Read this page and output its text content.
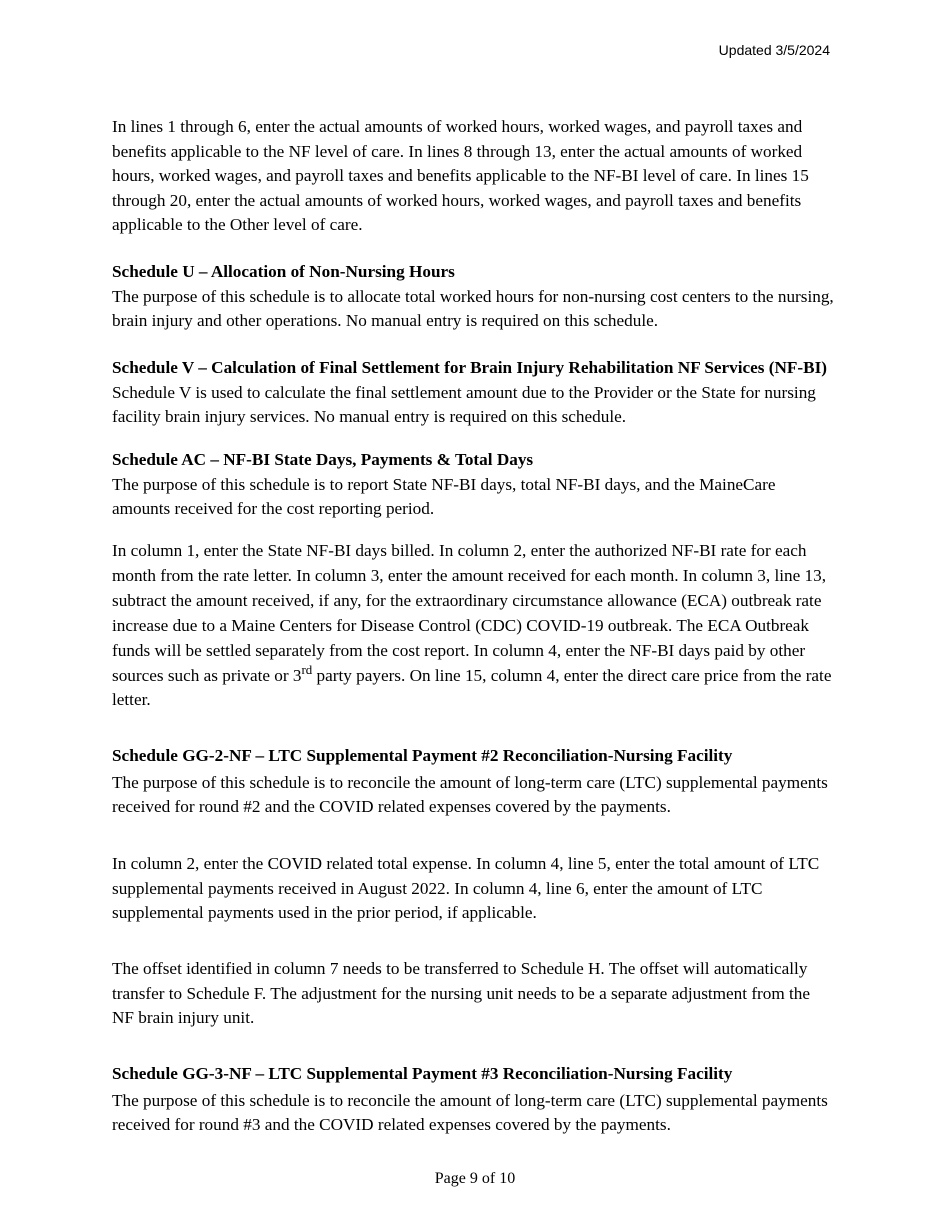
Updated 3/5/2024

In lines 1 through 6, enter the actual amounts of worked hours, worked wages, and payroll taxes and benefits applicable to the NF level of care. In lines 8 through 13, enter the actual amounts of worked hours, worked wages, and payroll taxes and benefits applicable to the NF-BI level of care. In lines 15 through 20, enter the actual amounts of worked hours, worked wages, and payroll taxes and benefits applicable to the Other level of care.

Schedule U – Allocation of Non-Nursing Hours

The purpose of this schedule is to allocate total worked hours for non-nursing cost centers to the nursing, brain injury and other operations. No manual entry is required on this schedule.

Schedule V – Calculation of Final Settlement for Brain Injury Rehabilitation NF Services (NF-BI) Schedule V is used to calculate the final settlement amount due to the Provider or the State for nursing facility brain injury services. No manual entry is required on this schedule.

Schedule AC – NF-BI State Days, Payments & Total Days

The purpose of this schedule is to report State NF-BI days, total NF-BI days, and the MaineCare amounts received for the cost reporting period.

In column 1, enter the State NF-BI days billed. In column 2, enter the authorized NF-BI rate for each month from the rate letter. In column 3, enter the amount received for each month. In column 3, line 13, subtract the amount received, if any, for the extraordinary circumstance allowance (ECA) outbreak rate increase due to a Maine Centers for Disease Control (CDC) COVID-19 outbreak. The ECA Outbreak funds will be settled separately from the cost report. In column 4, enter the NF-BI days paid by other sources such as private or 3rd party payers. On line 15, column 4, enter the direct care price from the rate letter.

Schedule GG-2-NF – LTC Supplemental Payment #2 Reconciliation-Nursing Facility

The purpose of this schedule is to reconcile the amount of long-term care (LTC) supplemental payments received for round #2 and the COVID related expenses covered by the payments.

In column 2, enter the COVID related total expense. In column 4, line 5, enter the total amount of LTC supplemental payments received in August 2022. In column 4, line 6, enter the amount of LTC supplemental payments used in the prior period, if applicable.

The offset identified in column 7 needs to be transferred to Schedule H. The offset will automatically transfer to Schedule F. The adjustment for the nursing unit needs to be a separate adjustment from the NF brain injury unit.

Schedule GG-3-NF – LTC Supplemental Payment #3 Reconciliation-Nursing Facility

The purpose of this schedule is to reconcile the amount of long-term care (LTC) supplemental payments received for round #3 and the COVID related expenses covered by the payments.

Page 9 of 10
